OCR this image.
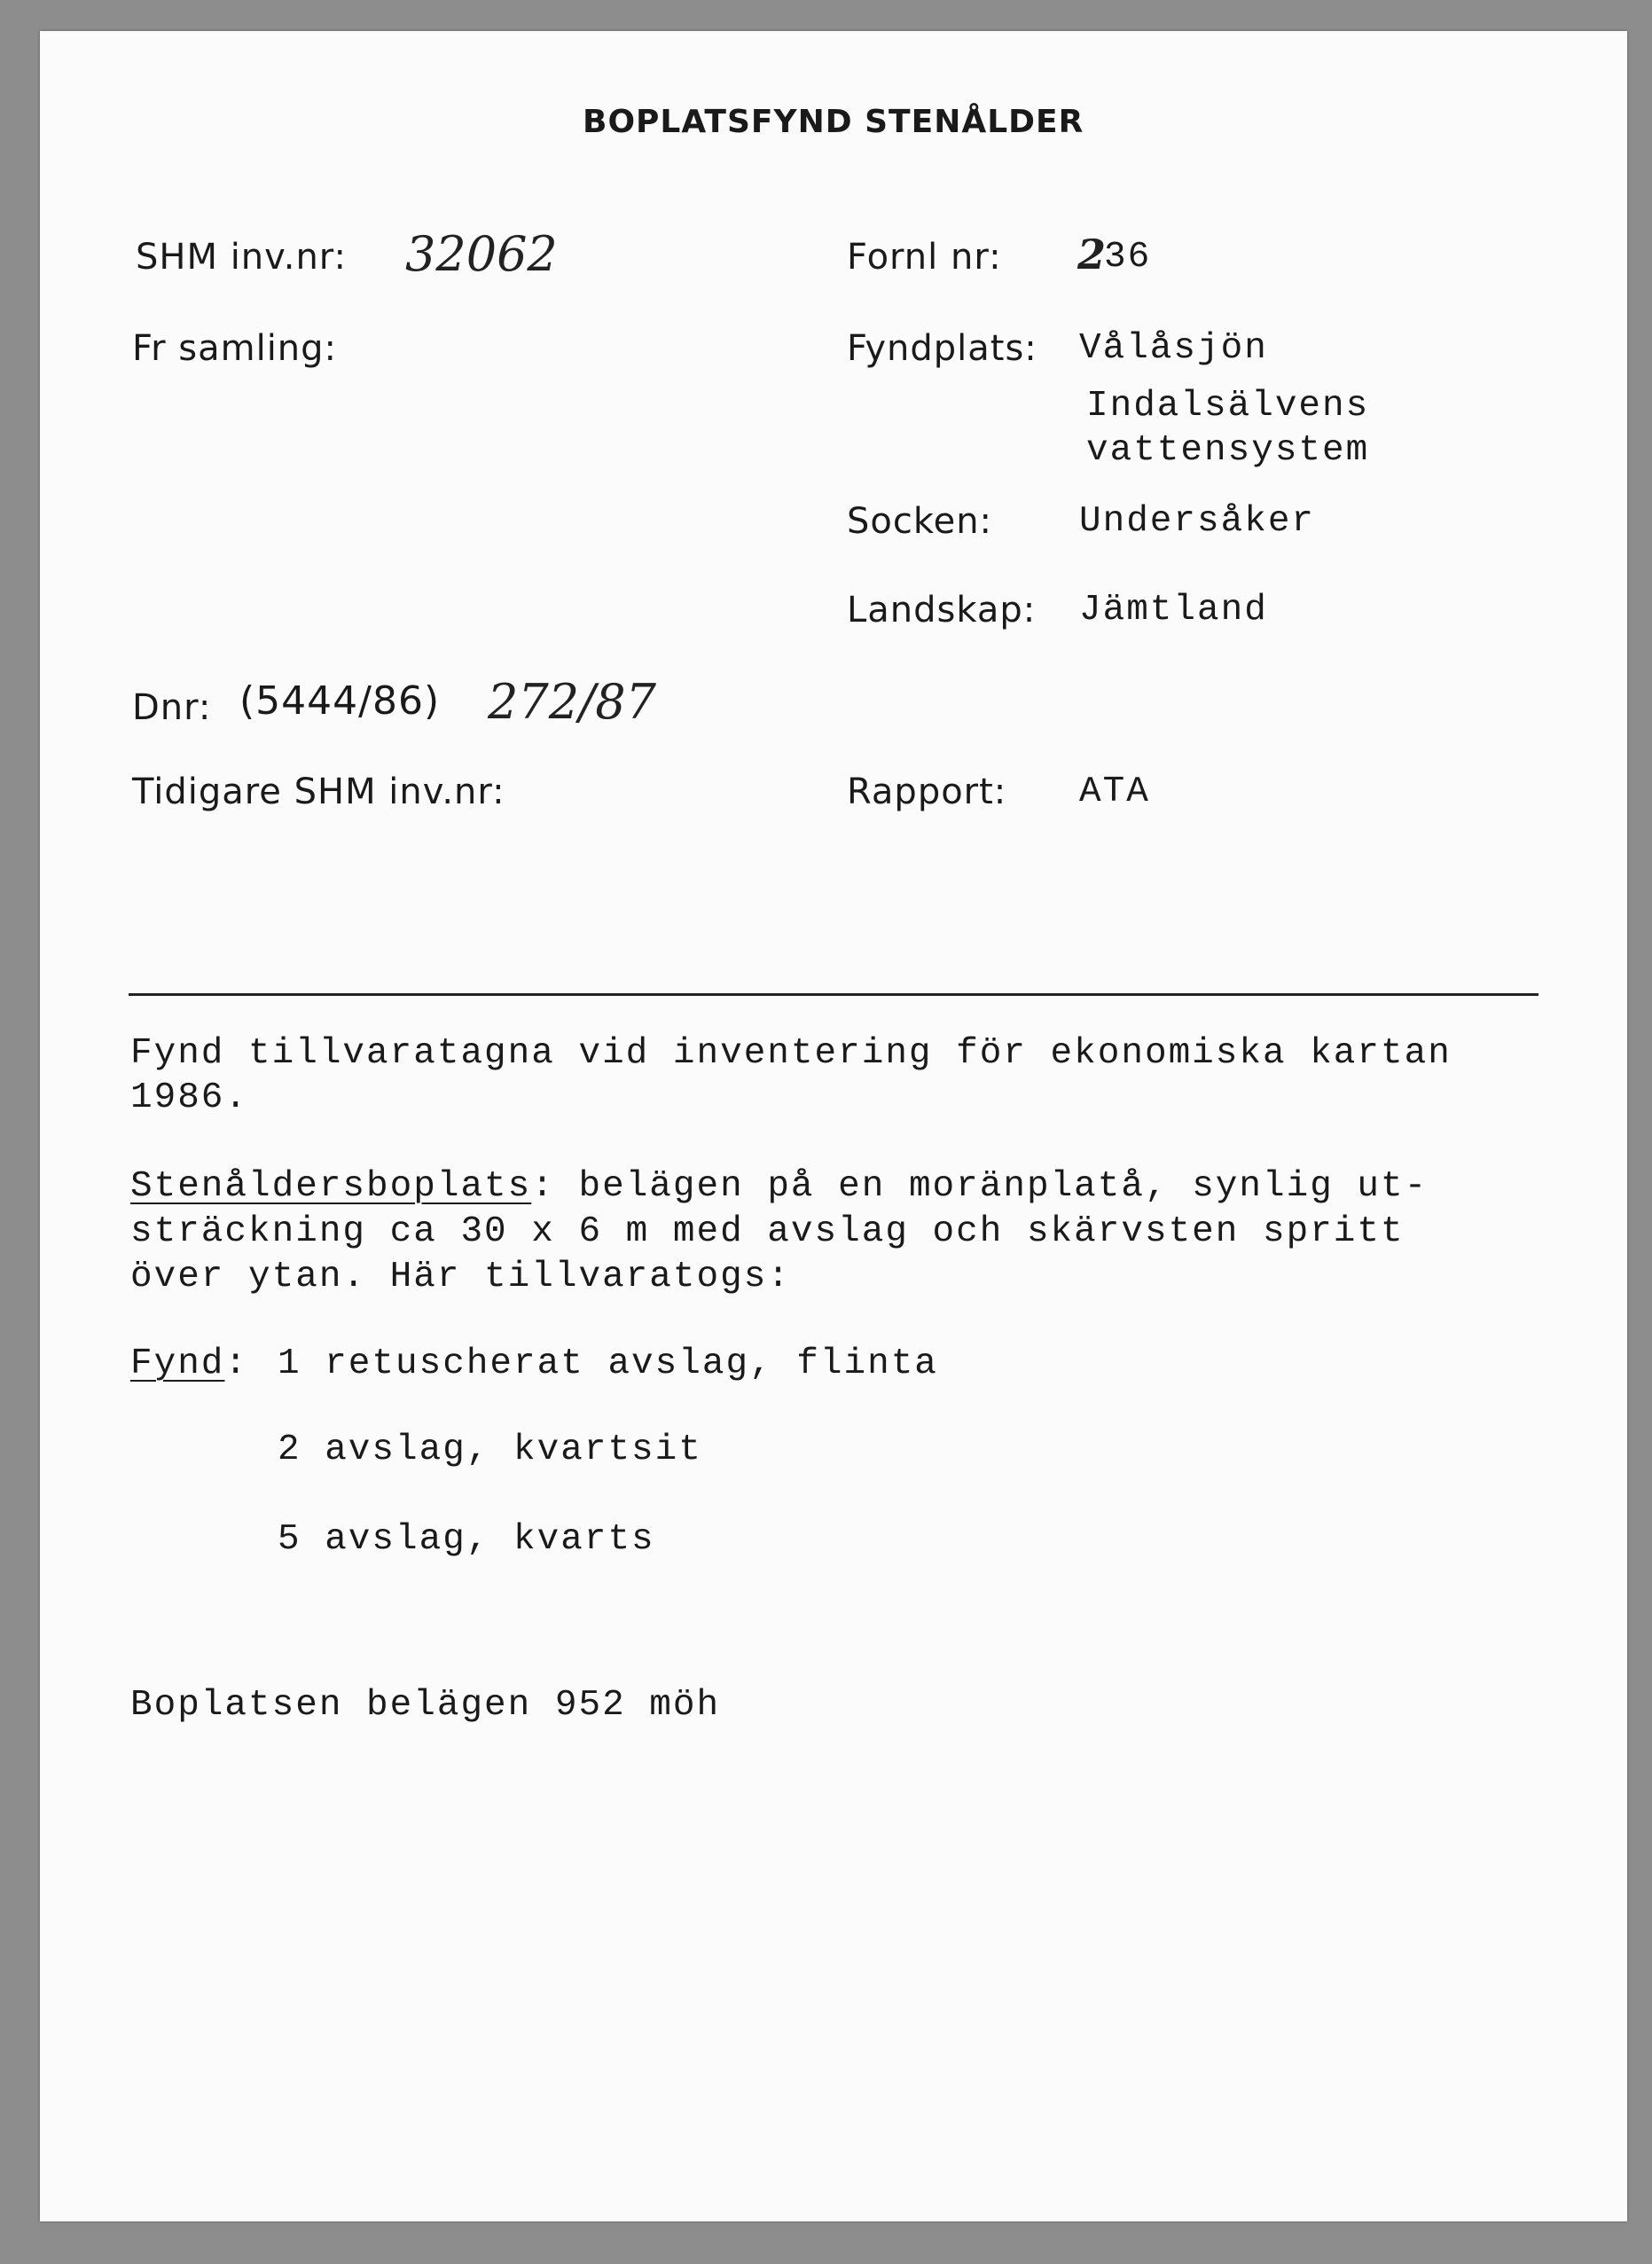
BOPLATSFYND STENÅLDER
SHM inv.nr: 32062
Fr samling:
Dnr: (5444/86) 272/87
Tidigare SHM inv.nr:
Fornl nr: 2
36
Fyndplats: Vålåsjön
Indalsälvens
vattensystem
Socken: Undersåker
Landskap: Jämtland
Rapport: ATA
Fynd tillvaratagna vid inventering för ekonomiska kartan
1986.
Stenåldersboplats: belägen på en moränplatå, synlig ut-
sträckning ca 30 x 6 m med avslag och skärvsten spritt
över ytan. Här tillvaratogs:
Fynd: 1 retuscherat avslag, flinta
2 avslag, kvartsit
5 avslag, kvarts
Boplatsen belägen 952 möh
